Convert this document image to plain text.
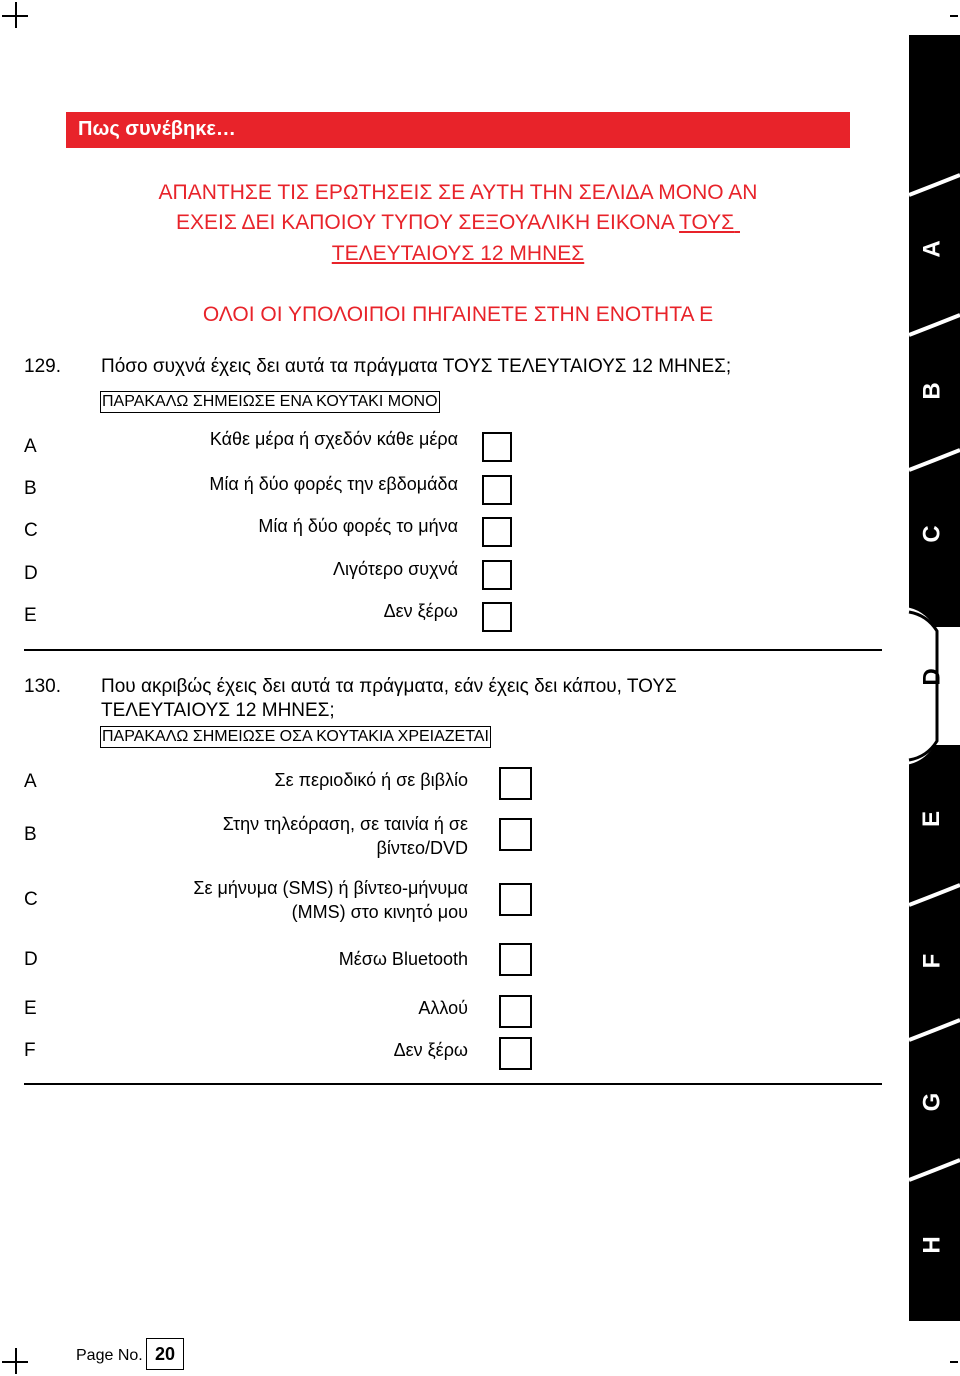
Πως συνέβηκε…
ΑΠΑΝΤΗΣΕ ΤΙΣ ΕΡΩΤΗΣΕΙΣ ΣΕ ΑΥΤΗ ΤΗΝ ΣΕΛΙΔΑ ΜΟΝΟ ΑΝ
ΕΧΕΙΣ ΔΕΙ ΚΑΠΟΙΟΥ ΤΥΠΟΥ ΣΕΞΟΥΑΛΙΚΗ ΕΙΚΟΝΑ ΤΟΥΣ
ΤΕΛΕΥΤΑΙΟΥΣ 12 ΜΗΝΕΣ
ΟΛΟΙ ΟΙ ΥΠΟΛΟΙΠΟΙ ΠΗΓΑΙΝΕΤΕ ΣΤΗΝ ΕΝΟΤΗΤΑ E
129. Πόσο συχνά έχεις δει αυτά τα πράγματα ΤΟΥΣ ΤΕΛΕΥΤΑΙΟΥΣ 12 ΜΗΝΕΣ;
ΠΑΡΑΚΑΛΩ ΣΗΜΕΙΩΣΕ ΕΝΑ ΚΟΥΤΑΚΙ ΜΟΝΟ
A	Κάθε μέρα ή σχεδόν κάθε μέρα
B	Μία ή δύο φορές την εβδομάδα
C	Μία ή δύο φορές το μήνα
D	Λιγότερο συχνά
E	Δεν ξέρω
130. Που ακριβώς έχεις δει αυτά τα πράγματα, εάν έχεις δει κάπου, ΤΟΥΣ
ΤΕΛΕΥΤΑΙΟΥΣ 12 ΜΗΝΕΣ;
ΠΑΡΑΚΑΛΩ ΣΗΜΕΙΩΣΕ ΟΣΑ ΚΟΥΤΑΚΙΑ ΧΡΕΙΑΖΕΤΑΙ
A	Σε περιοδικό ή σε βιβλίο
B	Στην τηλεόραση, σε ταινία ή σε
βίντεο/DVD
C
Σε μήνυμα (SMS) ή βίντεο-μήνυμα
(MMS) στο κινητό μου
D	Μέσω Bluetooth
E	Αλλού
F	Δεν ξέρω
Page No. 20
A
B
C
D
E
F
G
H
